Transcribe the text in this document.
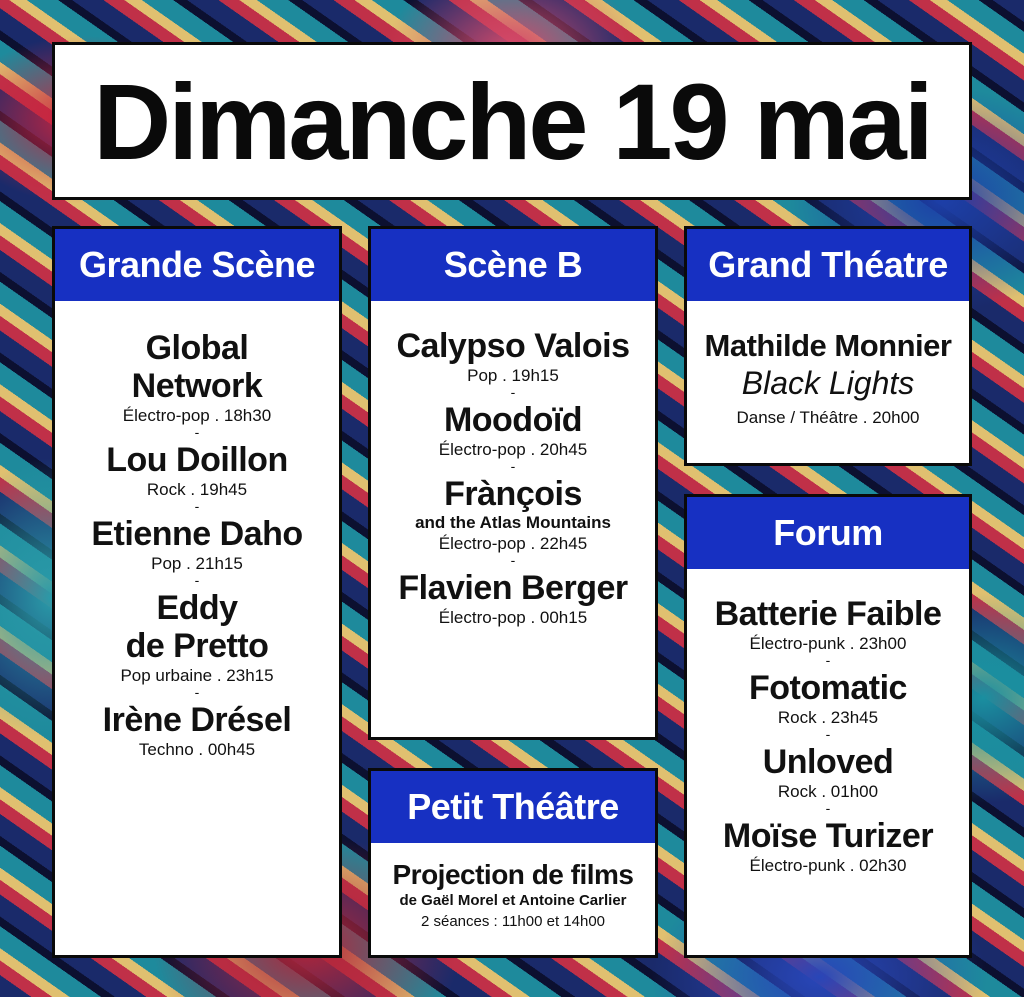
Dimanche 19 mai
Grande Scène
Global
Network
Électro-pop . 18h30
-
Lou Doillon
Rock . 19h45
-
Etienne Daho
Pop . 21h15
-
Eddy
de Pretto
Pop urbaine . 23h15
-
Irène Drésel
Techno . 00h45
Scène B
Calypso Valois
Pop . 19h15
-
Moodoïd
Électro-pop . 20h45
-
Frànçois
and the Atlas Mountains
Électro-pop . 22h45
-
Flavien Berger
Électro-pop . 00h15
Petit Théâtre
Projection de films
de Gaël Morel et Antoine Carlier
2 séances : 11h00 et 14h00
Grand Théatre
Mathilde Monnier
Black Lights
Danse / Théâtre . 20h00
Forum
Batterie Faible
Électro-punk . 23h00
-
Fotomatic
Rock . 23h45
-
Unloved
Rock . 01h00
-
Moïse Turizer
Électro-punk . 02h30
